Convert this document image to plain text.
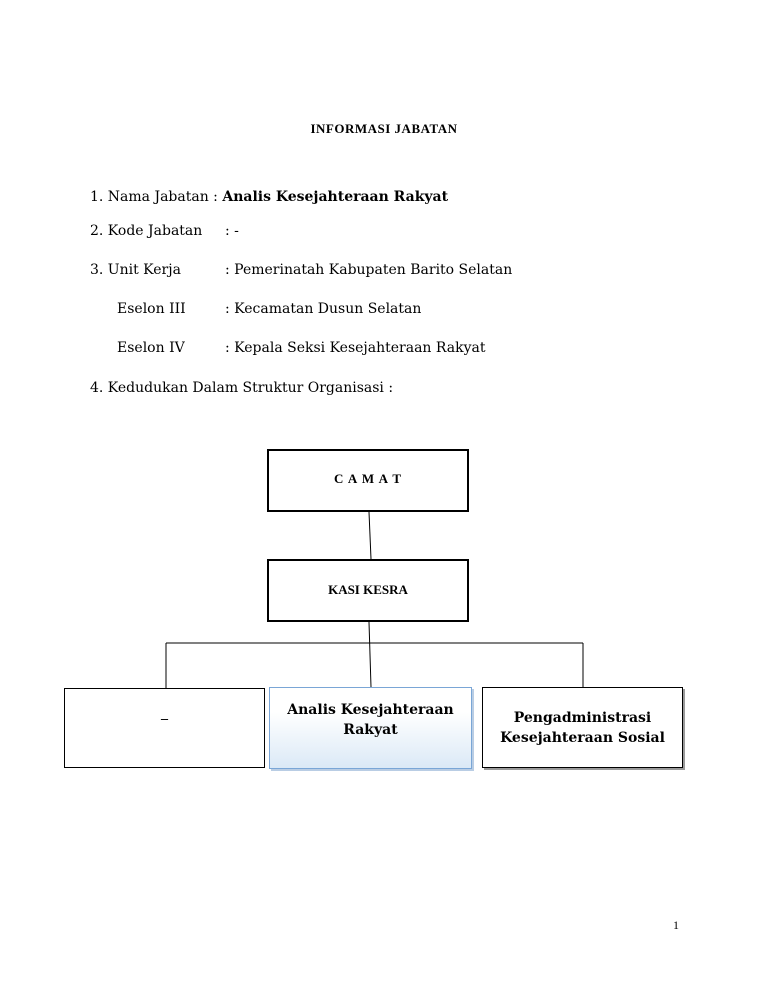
INFORMASI JABATAN
1. Nama Jabatan : Analis Kesejahteraan Rakyat
2. Kode Jabatan : -
3. Unit Kerja	: Pemerinatah Kabupaten Barito Selatan
Eselon III	: Kecamatan Dusun Selatan
Eselon IV	: Kepala Seksi Kesejahteraan Rakyat
4. Kedudukan Dalam Struktur Organisasi :
C A M A T
KASI KESRA
_	Analis Kesejahteraan
Rakyat
Pengadministrasi
Kesejahteraan Sosial
1
